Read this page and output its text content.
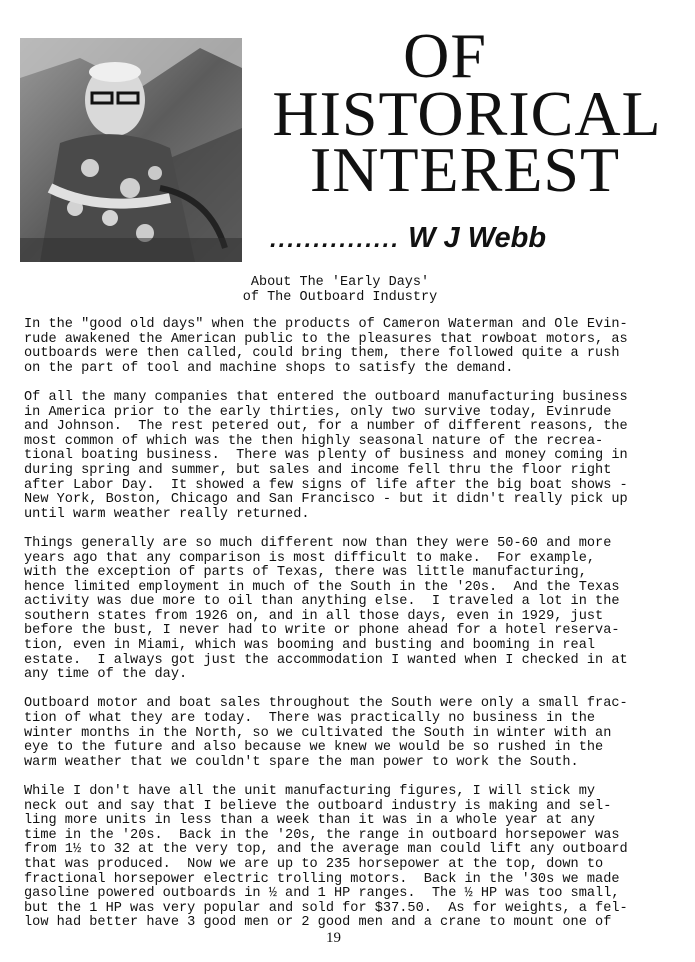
OF
HISTORICAL
INTEREST
............... W J Webb
About The 'Early Days'
of The Outboard Industry
In the "good old days" when the products of Cameron Waterman and Ole Evin-
rude awakened the American public to the pleasures that rowboat motors, as
outboards were then called, could bring them, there followed quite a rush
on the part of tool and machine shops to satisfy the demand.
Of all the many companies that entered the outboard manufacturing business
in America prior to the early thirties, only two survive today, Evinrude
and Johnson.  The rest petered out, for a number of different reasons, the
most common of which was the then highly seasonal nature of the recrea-
tional boating business.  There was plenty of business and money coming in
during spring and summer, but sales and income fell thru the floor right
after Labor Day.  It showed a few signs of life after the big boat shows -
New York, Boston, Chicago and San Francisco - but it didn't really pick up
until warm weather really returned.
Things generally are so much different now than they were 50-60 and more
years ago that any comparison is most difficult to make.  For example,
with the exception of parts of Texas, there was little manufacturing,
hence limited employment in much of the South in the '20s.  And the Texas
activity was due more to oil than anything else.  I traveled a lot in the
southern states from 1926 on, and in all those days, even in 1929, just
before the bust, I never had to write or phone ahead for a hotel reserva-
tion, even in Miami, which was booming and busting and booming in real
estate.  I always got just the accommodation I wanted when I checked in at
any time of the day.
Outboard motor and boat sales throughout the South were only a small frac-
tion of what they are today.  There was practically no business in the
winter months in the North, so we cultivated the South in winter with an
eye to the future and also because we knew we would be so rushed in the
warm weather that we couldn't spare the man power to work the South.
While I don't have all the unit manufacturing figures, I will stick my
neck out and say that I believe the outboard industry is making and sel-
ling more units in less than a week than it was in a whole year at any
time in the '20s.  Back in the '20s, the range in outboard horsepower was
from 1½ to 32 at the very top, and the average man could lift any outboard
that was produced.  Now we are up to 235 horsepower at the top, down to
fractional horsepower electric trolling motors.  Back in the '30s we made
gasoline powered outboards in ½ and 1 HP ranges.  The ½ HP was too small,
but the 1 HP was very popular and sold for $37.50.  As for weights, a fel-
low had better have 3 good men or 2 good men and a crane to mount one of
19
